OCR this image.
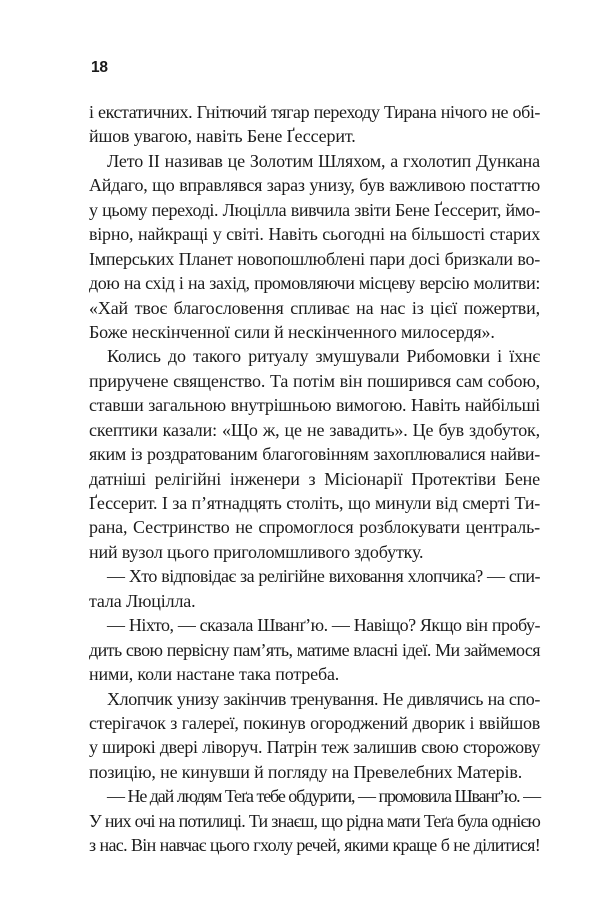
18
і екстатичних. Гнітючий тягар переходу Тирана нічого не обі-
йшов увагою, навіть Бене Ґессерит.
Лето II називав це Золотим Шляхом, а гхолотип Дункана
Айдаго, що вправлявся зараз унизу, був важливою постаттю
у цьому переході. Люцілла вивчила звіти Бене Ґессерит, ймо-
вірно, найкращі у світі. Навіть сьогодні на більшості старих
Імперських Планет новопошлюблені пари досі бризкали во-
дою на схід і на захід, промовляючи місцеву версію молитви:
«Хай твоє благословення спливає на нас із цієї пожертви,
Боже нескінченної сили й нескінченного милосердя».
Колись до такого ритуалу змушували Рибомовки і їхнє
приручене священство. Та потім він поширився сам собою,
ставши загальною внутрішньою вимогою. Навіть найбільші
скептики казали: «Що ж, це не завадить». Це був здобуток,
яким із роздратованим благоговінням захоплювалися найви-
датніші релігійні інженери з Місіонарії Протектіви Бене
Ґессерит. І за п’ятнадцять століть, що минули від смерті Ти-
рана, Сестринство не спромоглося розблокувати централь-
ний вузол цього приголомшливого здобутку.
— Хто відповідає за релігійне виховання хлопчика? — спи-
тала Люцілла.
— Ніхто, — сказала Шванґ’ю. — Навіщо? Якщо він пробу-
дить свою первісну пам’ять, матиме власні ідеї. Ми займемося
ними, коли настане така потреба.
Хлопчик унизу закінчив тренування. Не дивлячись на спо-
стерігачок з галереї, покинув огороджений дворик і ввійшов
у широкі двері ліворуч. Патрін теж залишив свою сторожову
позицію, не кинувши й погляду на Превелебних Матерів.
— Не дай людям Теґа тебе обдурити, — промовила Шванґ’ю. —
У них очі на потилиці. Ти знаєш, що рідна мати Теґа була однією
з нас. Він навчає цього гхолу речей, якими краще б не ділитися!
